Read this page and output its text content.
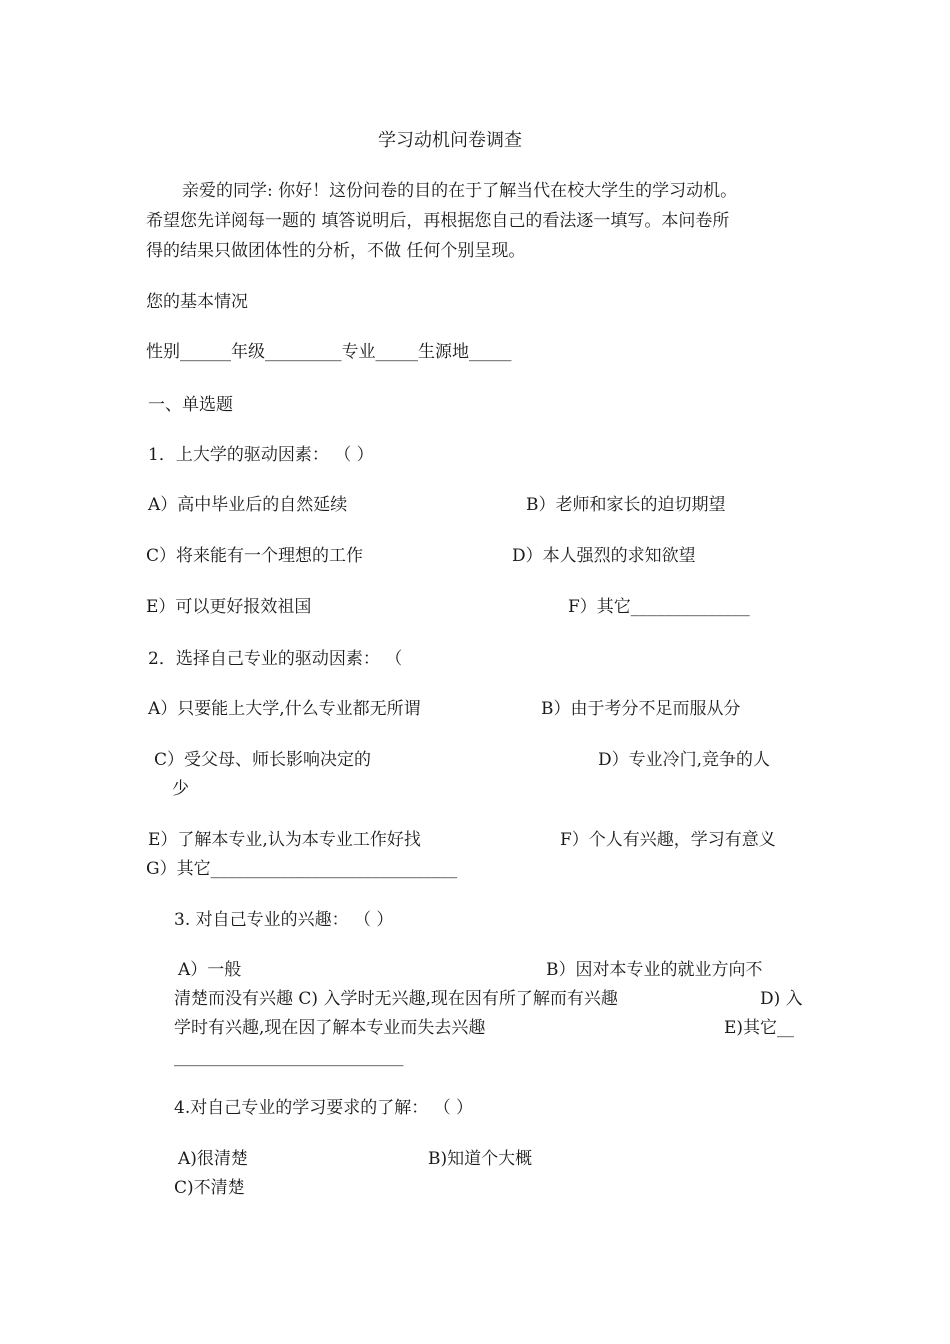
学习动机问卷调查
亲爱的同学: 你好！这份问卷的目的在于了解当代在校大学生的学习动机。
希望您先详阅每一题的 填答说明后，再根据您自己的看法逐一填写。本问卷所
得的结果只做团体性的分析，不做 任何个别呈现。
您的基本情况
性别______年级_________专业_____生源地_____
一、单选题
1．上大学的驱动因素： （ ）
A）高中毕业后的自然延续	B）老师和家长的迫切期望
C）将来能有一个理想的工作	D）本人强烈的求知欲望
E）可以更好报效祖国	F）其它______________
2．选择自己专业的驱动因素： （
A）只要能上大学,什么专业都无所谓	B）由于考分不足而服从分
C）受父母、师长影响决定的	D）专业冷门,竞争的人
少
E）了解本专业,认为本专业工作好找	F）个人有兴趣，学习有意义
G）其它_____________________________
3. 对自己专业的兴趣： （ ）
A）一般	B）因对本专业的就业方向不
清楚而没有兴趣 C) 入学时无兴趣,现在因有所了解而有兴趣	D) 入
学时有兴趣,现在因了解本专业而失去兴趣	E)其它__
___________________________
4.对自己专业的学习要求的了解： （ ）
A)很清楚	B)知道个大概
C)不清楚
